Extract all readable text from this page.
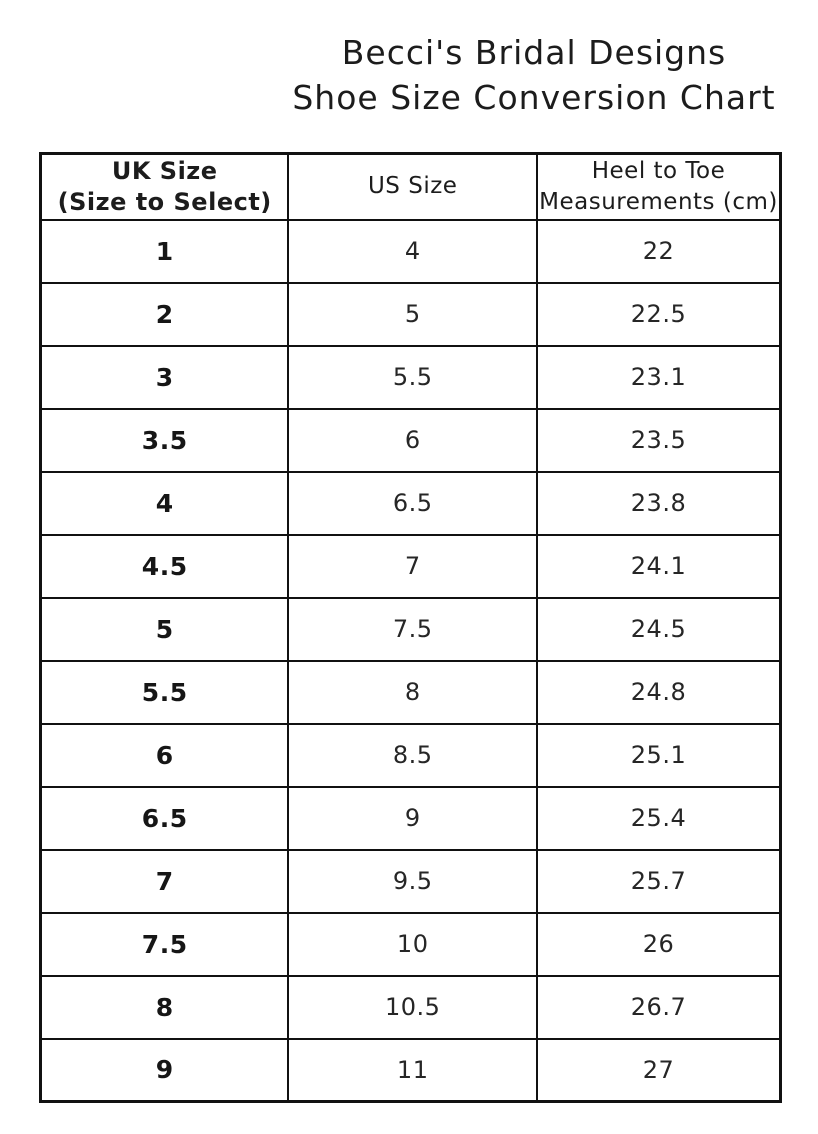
Becci's Bridal Designs
Shoe Size Conversion Chart
UK Size
(Size to Select)	US Size	Heel to Toe
Measurements (cm)

1	4	22
2	5	22.5
3	5.5	23.1
3.5	6	23.5
4	6.5	23.8
4.5	7	24.1
5	7.5	24.5
5.5	8	24.8
6	8.5	25.1
6.5	9	25.4
7	9.5	25.7
7.5	10	26
8	10.5	26.7
9	11	27
